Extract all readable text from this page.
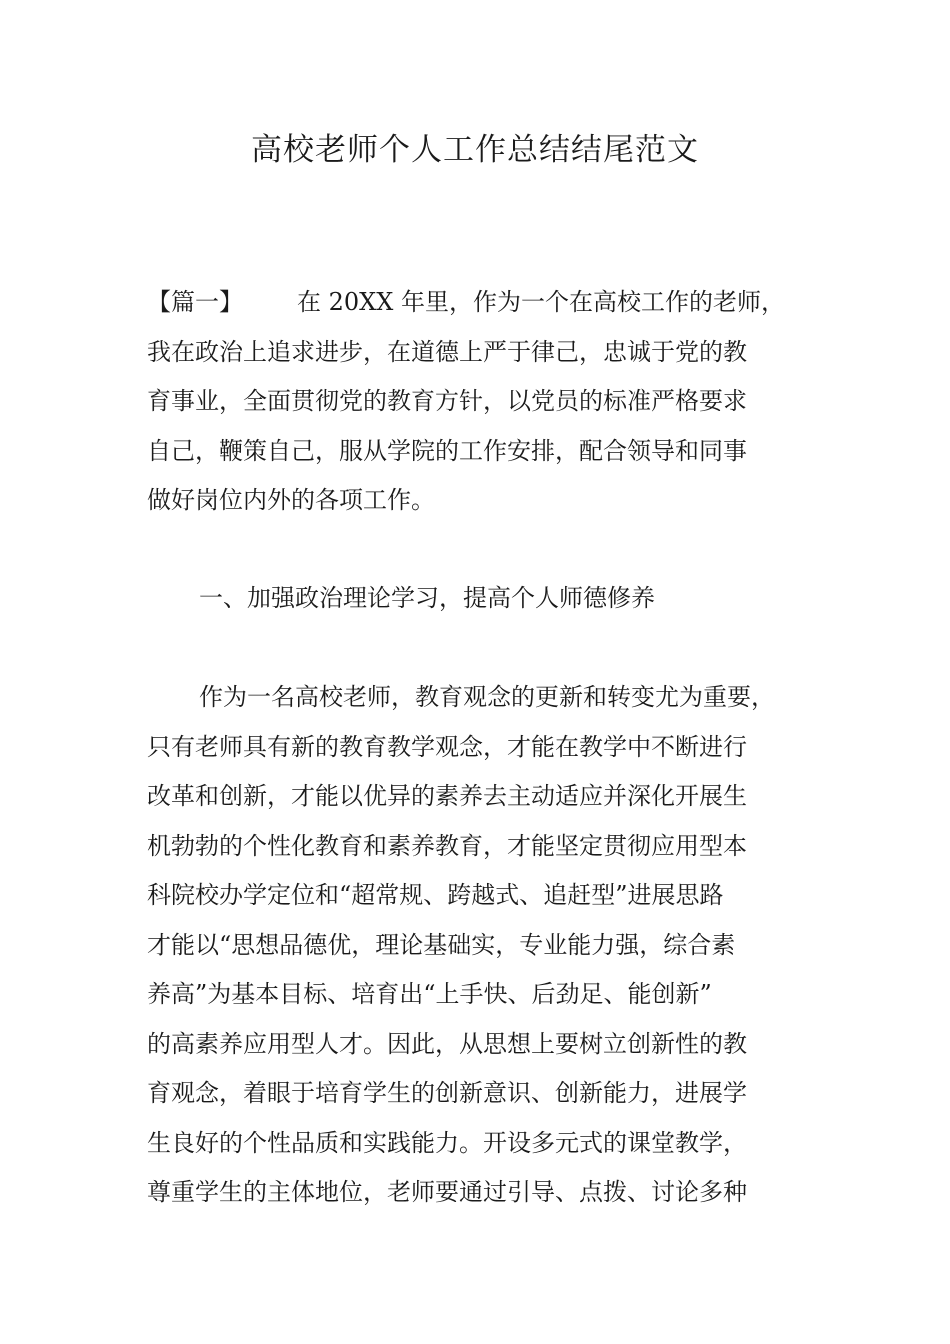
高校老师个人工作总结结尾范文
【篇一】 在 20XX 年里，作为一个在高校工作的老师，
我在政治上追求进步，在道德上严于律己，忠诚于党的教
育事业，全面贯彻党的教育方针，以党员的标准严格要求
自己，鞭策自己，服从学院的工作安排，配合领导和同事
做好岗位内外的各项工作。
一、加强政治理论学习，提高个人师德修养
作为一名高校老师，教育观念的更新和转变尤为重要，
只有老师具有新的教育教学观念，才能在教学中不断进行
改革和创新，才能以优异的素养去主动适应并深化开展生
机勃勃的个性化教育和素养教育，才能坚定贯彻应用型本
科院校办学定位和“超常规、跨越式、追赶型”进展思路
才能以“思想品德优，理论基础实，专业能力强，综合素
养高”为基本目标、培育出“上手快、后劲足、能创新”
的高素养应用型人才。因此，从思想上要树立创新性的教
育观念，着眼于培育学生的创新意识、创新能力，进展学
生良好的个性品质和实践能力。开设多元式的课堂教学，
尊重学生的主体地位，老师要通过引导、点拨、讨论多种
